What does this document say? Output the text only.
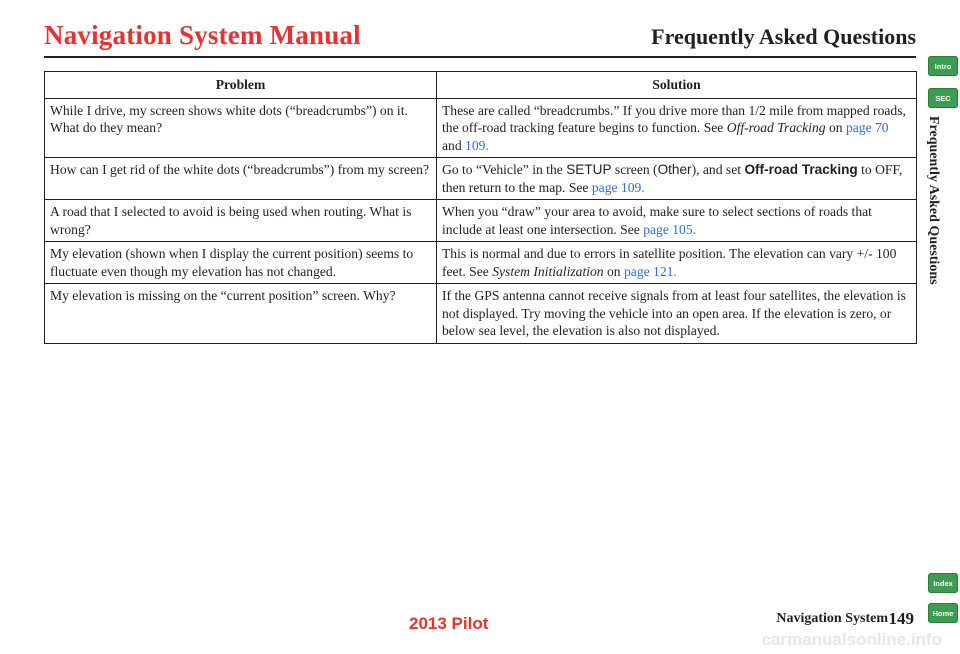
Navigation System Manual	Frequently Asked Questions
Problem	Solution
While I drive, my screen shows white dots (“breadcrumbs”) on it. What do they mean?	These are called “breadcrumbs.” If you drive more than 1/2 mile from mapped roads, the off-road tracking feature begins to function. See Off-road Tracking on page 70 and 109.
How can I get rid of the white dots (“breadcrumbs”) from my screen?	Go to “Vehicle” in the SETUP screen (Other), and set Off-road Tracking to OFF, then return to the map. See page 109.
A road that I selected to avoid is being used when routing. What is wrong?	When you “draw” your area to avoid, make sure to select sections of roads that include at least one intersection. See page 105.
My elevation (shown when I display the current position) seems to fluctuate even though my elevation has not changed.	This is normal and due to errors in satellite position. The elevation can vary +/- 100 feet. See System Initialization on page 121.
My elevation is missing on the “current position” screen. Why?	If the GPS antenna cannot receive signals from at least four satellites, the elevation is not displayed. Try moving the vehicle into an open area. If the elevation is zero, or below sea level, the elevation is also not displayed.
Intro
SEC
Frequently Asked Questions
Index
Home
Navigation System 149
2013 Pilot
carmanualsonline.info
